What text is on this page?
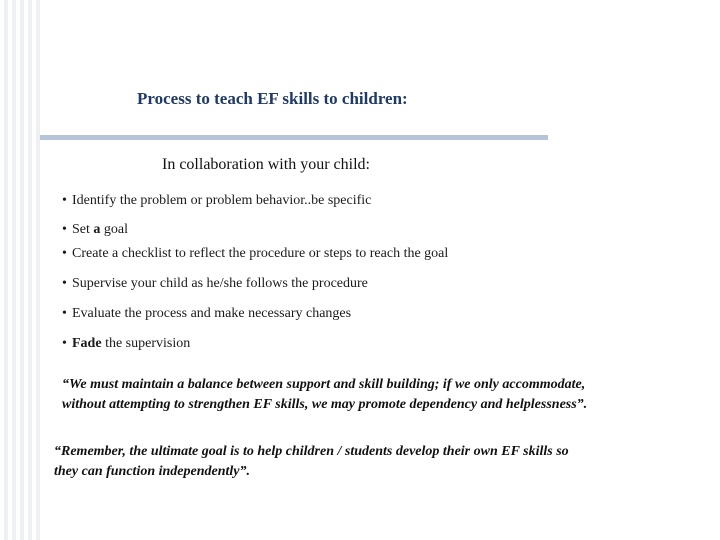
Process to teach EF skills to children:
In collaboration with your child:
• Identify the problem or problem behavior..be specific
• Set a goal
• Create a checklist to reflect the procedure or steps to reach the goal
• Supervise your child as he/she follows the procedure
• Evaluate the process and make necessary changes
• Fade the supervision
“We must maintain a balance between support and skill building; if we only accommodate,
without attempting to strengthen EF skills, we may promote dependency and helplessness”.
“Remember, the ultimate goal is to help children / students develop their own EF skills so
they can function independently”.
